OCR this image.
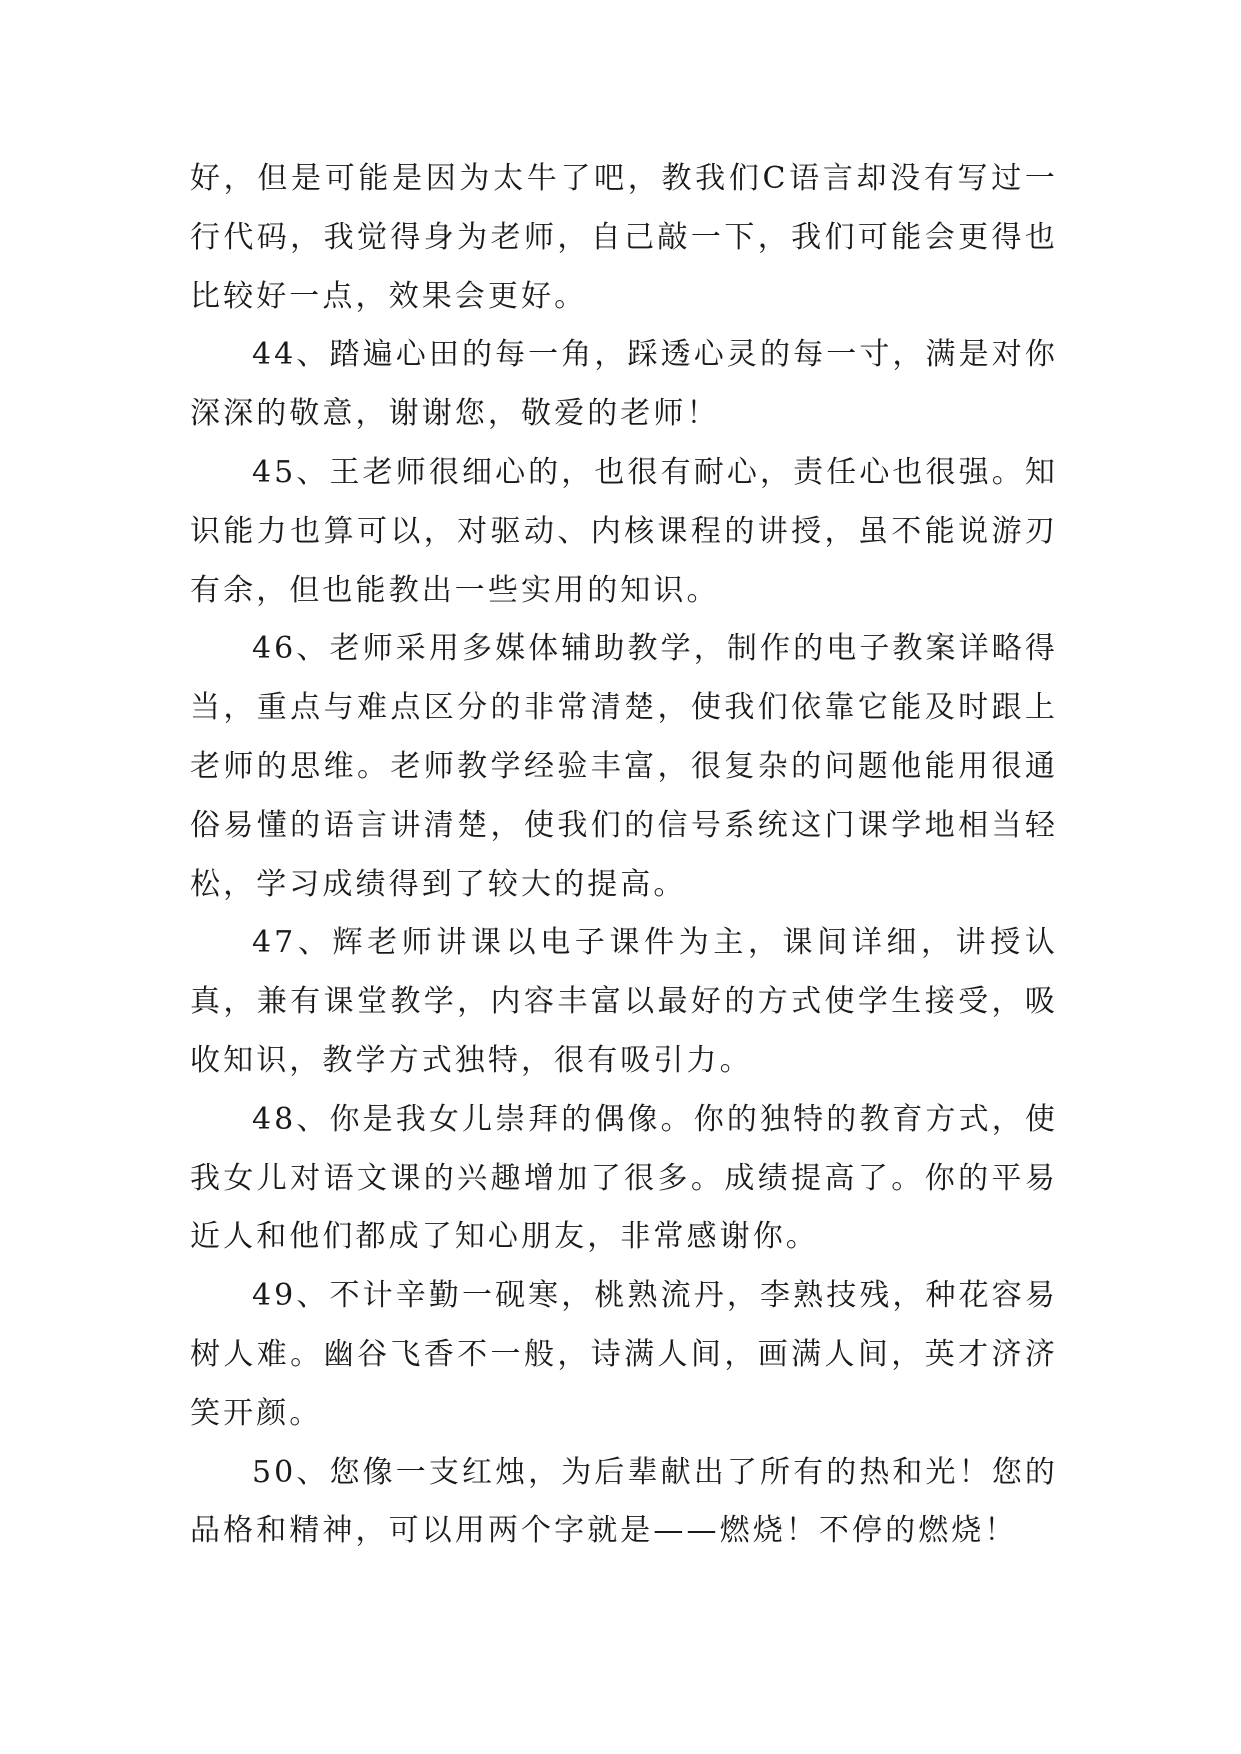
好，但是可能是因为太牛了吧，教我们C语言却没有写过一行代码，我觉得身为老师，自己敲一下，我们可能会更得也比较好一点，效果会更好。

44、踏遍心田的每一角，踩透心灵的每一寸，满是对你深深的敬意，谢谢您，敬爱的老师！

45、王老师很细心的，也很有耐心，责任心也很强。知识能力也算可以，对驱动、内核课程的讲授，虽不能说游刃有余，但也能教出一些实用的知识。

46、老师采用多媒体辅助教学，制作的电子教案详略得当，重点与难点区分的非常清楚，使我们依靠它能及时跟上老师的思维。老师教学经验丰富，很复杂的问题他能用很通俗易懂的语言讲清楚，使我们的信号系统这门课学地相当轻松，学习成绩得到了较大的提高。

47、辉老师讲课以电子课件为主，课间详细，讲授认真，兼有课堂教学，内容丰富以最好的方式使学生接受，吸收知识，教学方式独特，很有吸引力。

48、你是我女儿崇拜的偶像。你的独特的教育方式，使我女儿对语文课的兴趣增加了很多。成绩提高了。你的平易近人和他们都成了知心朋友，非常感谢你。

49、不计辛勤一砚寒，桃熟流丹，李熟技残，种花容易树人难。幽谷飞香不一般，诗满人间，画满人间，英才济济笑开颜。

50、您像一支红烛，为后辈献出了所有的热和光！您的品格和精神，可以用两个字就是——燃烧！不停的燃烧！
